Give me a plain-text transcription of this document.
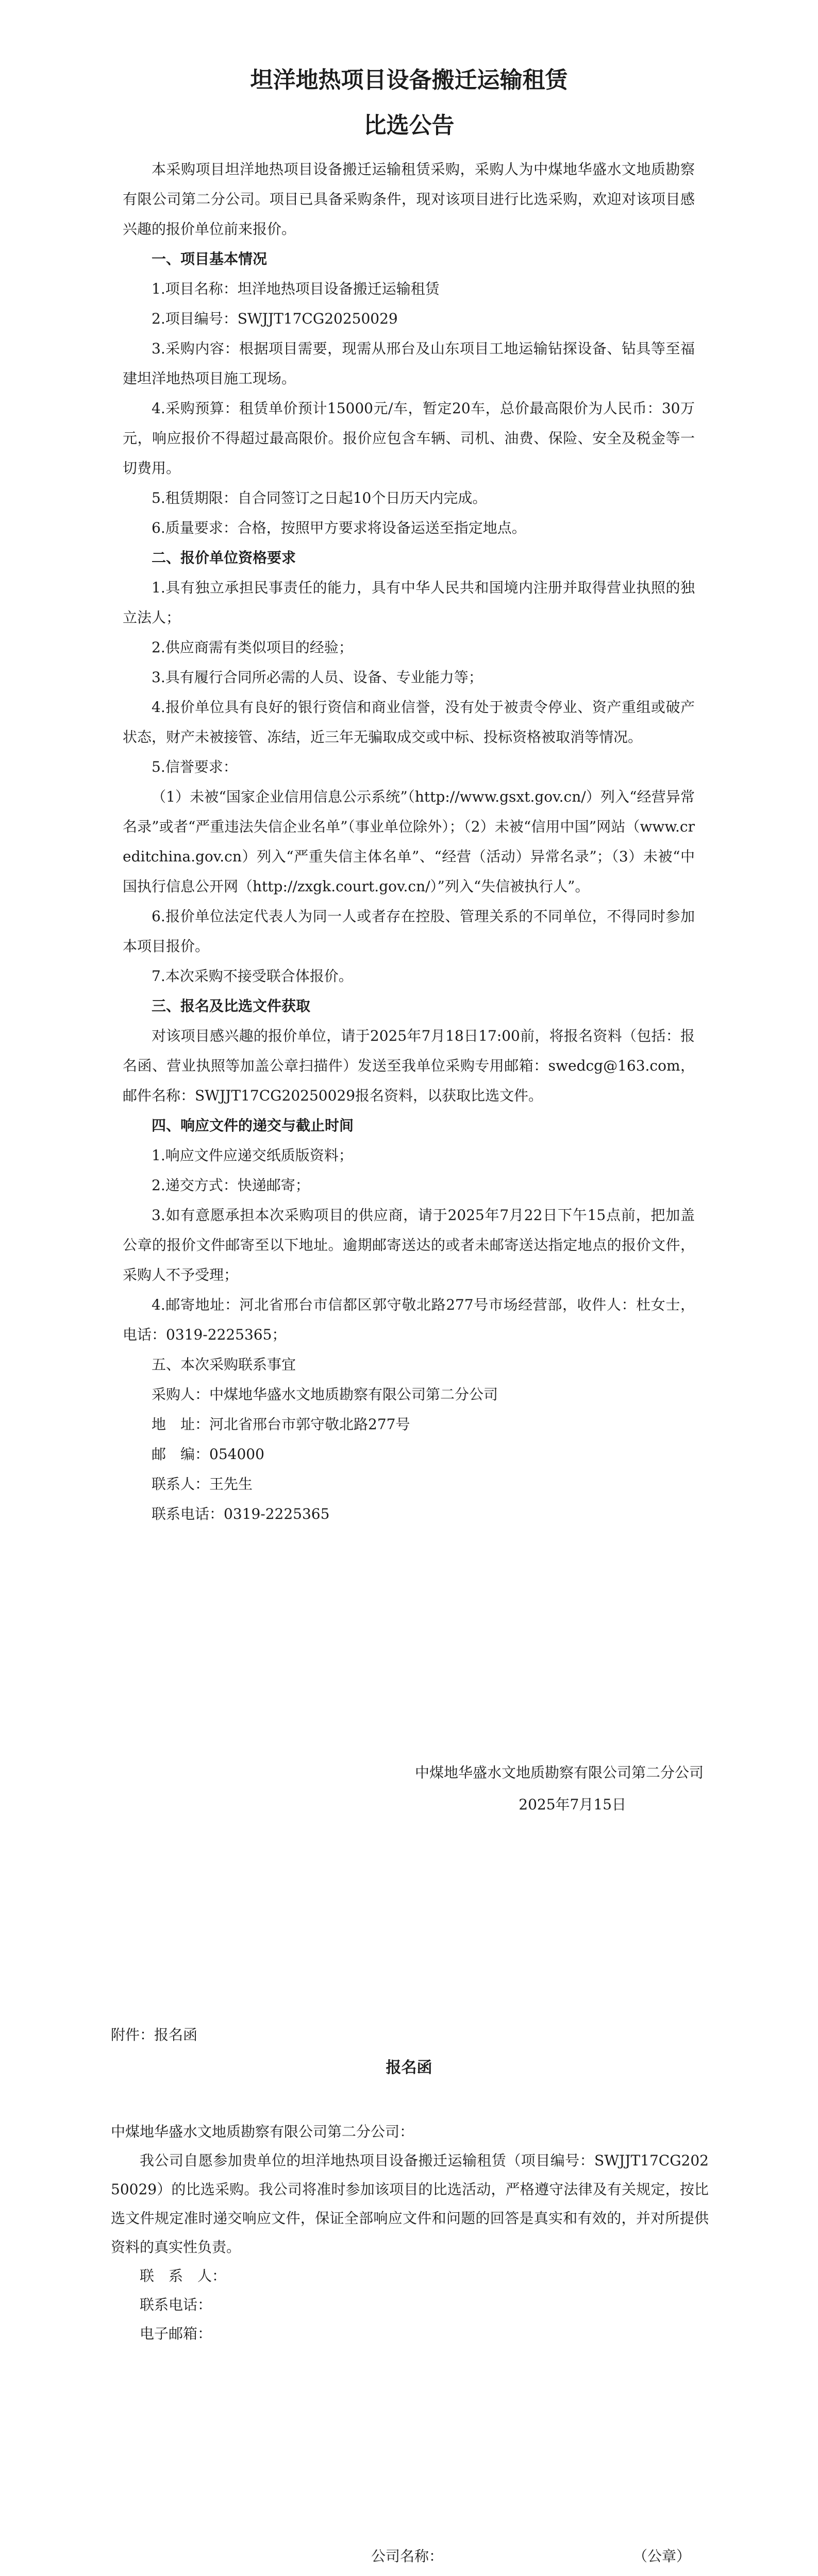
坦洋地热项目设备搬迁运输租赁
比选公告

本采购项目坦洋地热项目设备搬迁运输租赁采购，采购人为中煤地华盛水文地质勘察有限公司第二分公司。项目已具备采购条件，现对该项目进行比选采购，欢迎对该项目感兴趣的报价单位前来报价。

一、项目基本情况

1.项目名称：坦洋地热项目设备搬迁运输租赁

2.项目编号：SWJJT17CG20250029

3.采购内容：根据项目需要，现需从邢台及山东项目工地运输钻探设备、钻具等至福建坦洋地热项目施工现场。

4.采购预算：租赁单价预计15000元/车，暂定20车，总价最高限价为人民币：30万元，响应报价不得超过最高限价。报价应包含车辆、司机、油费、保险、安全及税金等一切费用。

5.租赁期限：自合同签订之日起10个日历天内完成。

6.质量要求：合格，按照甲方要求将设备运送至指定地点。

二、报价单位资格要求

1.具有独立承担民事责任的能力，具有中华人民共和国境内注册并取得营业执照的独立法人；

2.供应商需有类似项目的经验；

3.具有履行合同所必需的人员、设备、专业能力等；

4.报价单位具有良好的银行资信和商业信誉，没有处于被责令停业、资产重组或破产状态，财产未被接管、冻结，近三年无骗取成交或中标、投标资格被取消等情况。

5.信誉要求：

（1）未被“国家企业信用信息公示系统”（http://www.gsxt.gov.cn/）列入“经营异常名录”或者“严重违法失信企业名单”（事业单位除外）；（2）未被“信用中国”网站（www.creditchina.gov.cn）列入“严重失信主体名单”、“经营（活动）异常名录”；（3）未被“中国执行信息公开网（http://zxgk.court.gov.cn/）”列入“失信被执行人”。

6.报价单位法定代表人为同一人或者存在控股、管理关系的不同单位，不得同时参加本项目报价。

7.本次采购不接受联合体报价。

三、报名及比选文件获取

对该项目感兴趣的报价单位，请于2025年7月18日17:00前，将报名资料（包括：报名函、营业执照等加盖公章扫描件）发送至我单位采购专用邮箱：swedcg@163.com，邮件名称：SWJJT17CG20250029报名资料，以获取比选文件。

四、响应文件的递交与截止时间

1.响应文件应递交纸质版资料；

2.递交方式：快递邮寄；

3.如有意愿承担本次采购项目的供应商，请于2025年7月22日下午15点前，把加盖公章的报价文件邮寄至以下地址。逾期邮寄送达的或者未邮寄送达指定地点的报价文件，采购人不予受理；

4.邮寄地址：河北省邢台市信都区郭守敬北路277号市场经营部，收件人：杜女士，电话：0319-2225365；

五、本次采购联系事宜

采购人：中煤地华盛水文地质勘察有限公司第二分公司

地　址：河北省邢台市郭守敬北路277号

邮　编：054000

联系人：王先生

联系电话：0319-2225365

中煤地华盛水文地质勘察有限公司第二分公司
2025年7月15日
附件：报名函
报名函

中煤地华盛水文地质勘察有限公司第二分公司：

我公司自愿参加贵单位的坦洋地热项目设备搬迁运输租赁（项目编号：SWJJT17CG20250029）的比选采购。我公司将准时参加该项目的比选活动，严格遵守法律及有关规定，按比选文件规定准时递交响应文件，保证全部响应文件和问题的回答是真实和有效的，并对所提供资料的真实性负责。

联　系　人：

联系电话：

电子邮箱：

公司名称：	（公章）
